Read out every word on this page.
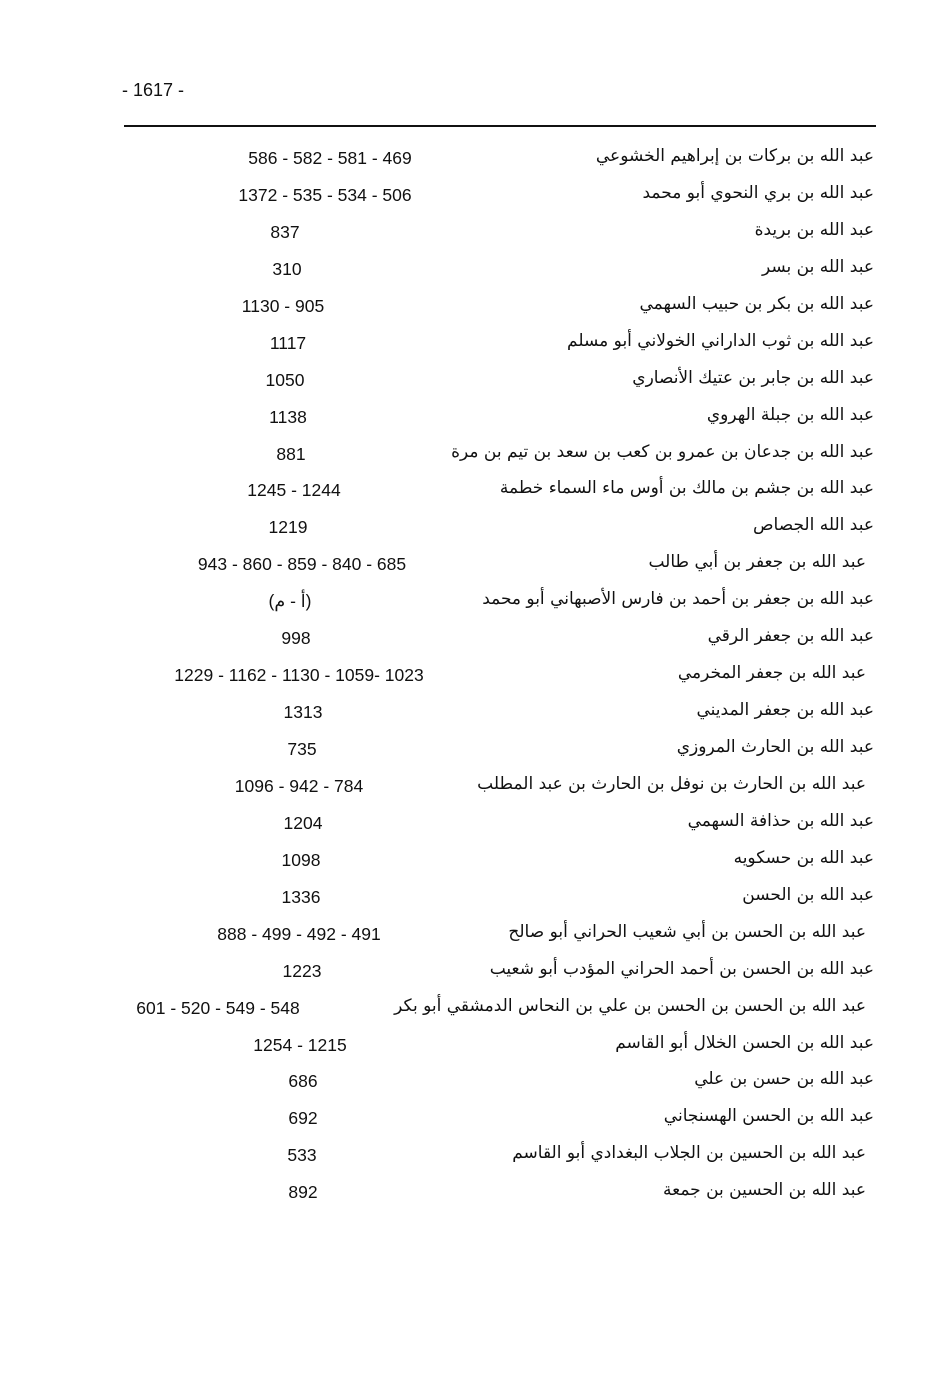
- 1617 -
عبد الله بن بركات بن إبراهيم الخشوعي
586 - 582 - 581 - 469
عبد الله بن بري النحوي أبو محمد
1372 - 535 - 534 - 506
عبد الله بن بريدة
837
عبد الله بن بسر
310
عبد الله بن بكر بن حبيب السهمي
1130 - 905
عبد الله بن ثوب الداراني الخولاني أبو مسلم
1117
عبد الله بن جابر بن عتيك الأنصاري
1050
عبد الله بن جبلة الهروي
1138
عبد الله بن جدعان بن عمرو بن كعب بن سعد بن تيم بن مرة
881
عبد الله بن جشم بن مالك بن أوس ماء السماء خطمة
1245 - 1244
عبد الله الجصاص
1219
عبد الله بن جعفر بن أبي طالب
943 - 860 - 859 - 840 - 685
عبد الله بن جعفر بن أحمد بن فارس الأصبهاني أبو محمد
(أ - م)
عبد الله بن جعفر الرقي
998
عبد الله بن جعفر المخرمي
1229 - 1162 - 1130 - 1059- 1023
عبد الله بن جعفر المديني
1313
عبد الله بن الحارث المروزي
735
عبد الله بن الحارث بن نوفل بن الحارث بن عبد المطلب
1096 - 942 - 784
عبد الله بن حذافة السهمي
1204
عبد الله بن حسكويه
1098
عبد الله بن الحسن
1336
عبد الله بن الحسن بن أبي شعيب الحراني أبو صالح
888 - 499 - 492 - 491
عبد الله بن الحسن بن أحمد الحراني المؤدب أبو شعيب
1223
عبد الله بن الحسن بن الحسن بن علي بن النحاس الدمشقي أبو بكر
601 - 520 - 549 - 548
عبد الله بن الحسن الخلال أبو القاسم
1254 - 1215
عبد الله بن حسن بن علي
686
عبد الله بن الحسن الهسنجاني
692
عبد الله بن الحسين بن الجلاب البغدادي أبو القاسم
533
عبد الله بن الحسين بن جمعة
892
